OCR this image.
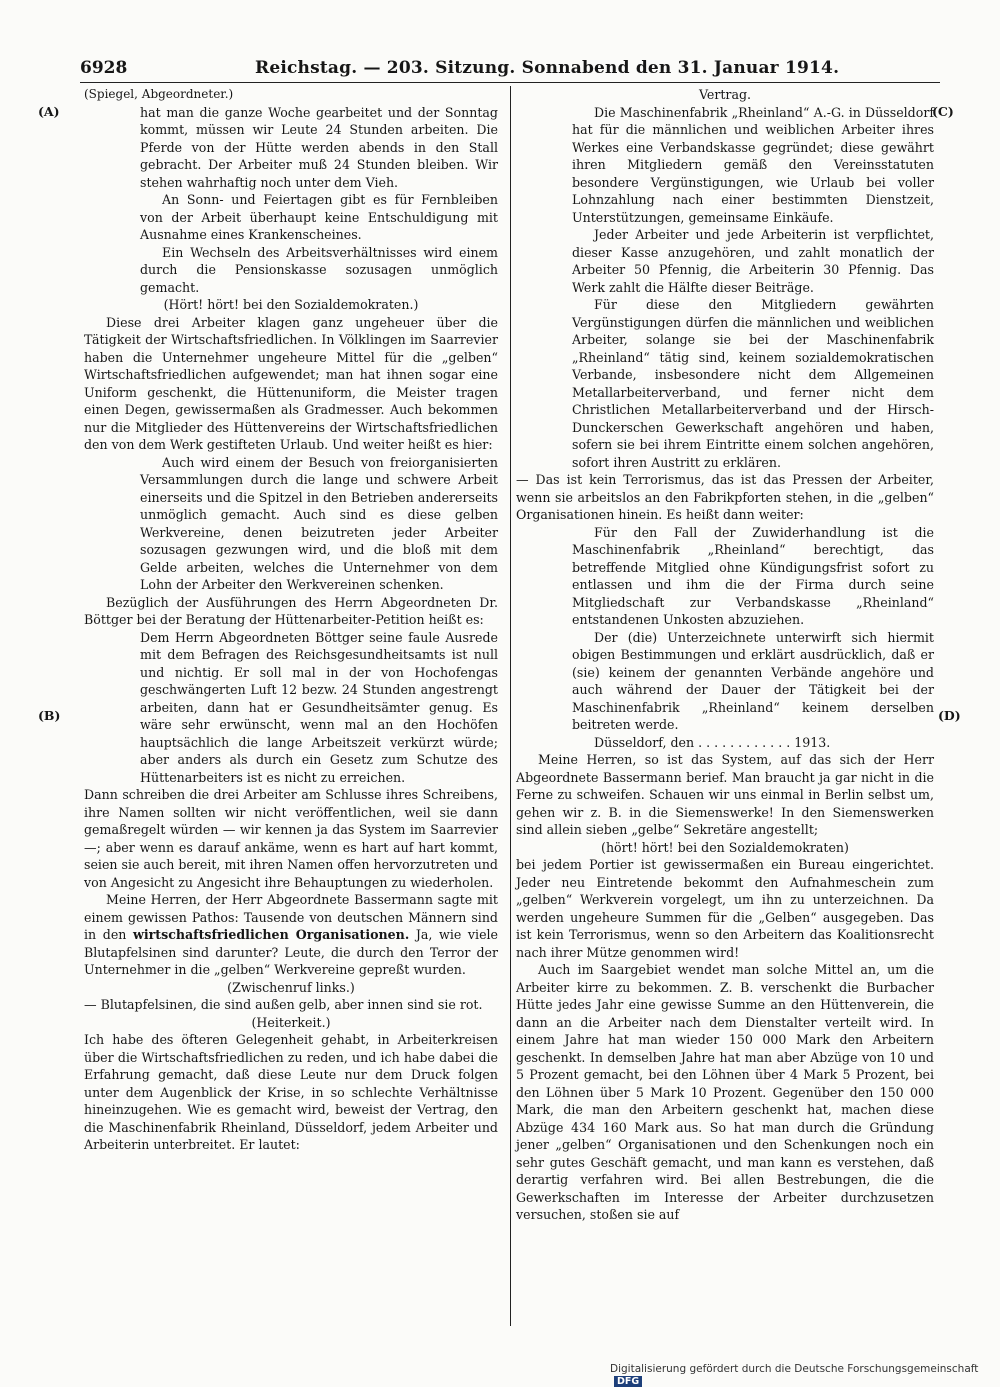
6928	Reichstag. — 203. Sitzung. Sonnabend den 31. Januar 1914.
(A)
(B)
(C)
(D)

(Spiegel, Abgeordneter.)

hat man die ganze Woche gearbeitet und der Sonntag kommt, müssen wir Leute 24 Stunden arbeiten. Die Pferde von der Hütte werden abends in den Stall gebracht. Der Arbeiter muß 24 Stunden bleiben. Wir stehen wahrhaftig noch unter dem Vieh.

An Sonn- und Feiertagen gibt es für Fernbleiben von der Arbeit überhaupt keine Entschuldigung mit Ausnahme eines Krankenscheines.

Ein Wechseln des Arbeitsverhältnisses wird einem durch die Pensionskasse sozusagen unmöglich gemacht.

(Hört! hört! bei den Sozialdemokraten.)

Diese drei Arbeiter klagen ganz ungeheuer über die Tätigkeit der Wirtschaftsfriedlichen. In Völklingen im Saarrevier haben die Unternehmer ungeheure Mittel für die „gelben“ Wirtschaftsfriedlichen aufgewendet; man hat ihnen sogar eine Uniform geschenkt, die Hüttenuniform, die Meister tragen einen Degen, gewissermaßen als Gradmesser. Auch bekommen nur die Mitglieder des Hüttenvereins der Wirtschaftsfriedlichen den von dem Werk gestifteten Urlaub. Und weiter heißt es hier:

Auch wird einem der Besuch von freiorganisierten Versammlungen durch die lange und schwere Arbeit einerseits und die Spitzel in den Betrieben andererseits unmöglich gemacht. Auch sind es diese gelben Werkvereine, denen beizutreten jeder Arbeiter sozusagen gezwungen wird, und die bloß mit dem Gelde arbeiten, welches die Unternehmer von dem Lohn der Arbeiter den Werkvereinen schenken.

Bezüglich der Ausführungen des Herrn Abgeordneten Dr. Böttger bei der Beratung der Hüttenarbeiter-Petition heißt es:

Dem Herrn Abgeordneten Böttger seine faule Ausrede mit dem Befragen des Reichsgesundheitsamts ist null und nichtig. Er soll mal in der von Hochofengas geschwängerten Luft 12 bezw. 24 Stunden angestrengt arbeiten, dann hat er Gesundheitsämter genug. Es wäre sehr erwünscht, wenn mal an den Hochöfen hauptsächlich die lange Arbeitszeit verkürzt würde; aber anders als durch ein Gesetz zum Schutze des Hüttenarbeiters ist es nicht zu erreichen.

Dann schreiben die drei Arbeiter am Schlusse ihres Schreibens, ihre Namen sollten wir nicht veröffentlichen, weil sie dann gemaßregelt würden — wir kennen ja das System im Saarrevier —; aber wenn es darauf ankäme, wenn es hart auf hart kommt, seien sie auch bereit, mit ihren Namen offen hervorzutreten und von Angesicht zu Angesicht ihre Behauptungen zu wiederholen.

Meine Herren, der Herr Abgeordnete Bassermann sagte mit einem gewissen Pathos: Tausende von deutschen Männern sind in den wirtschaftsfriedlichen Organisationen. Ja, wie viele Blutapfelsinen sind darunter? Leute, die durch den Terror der Unternehmer in die „gelben“ Werkvereine gepreßt wurden.

(Zwischenruf links.)

— Blutapfelsinen, die sind außen gelb, aber innen sind sie rot.

(Heiterkeit.)

Ich habe des öfteren Gelegenheit gehabt, in Arbeiterkreisen über die Wirtschaftsfriedlichen zu reden, und ich habe dabei die Erfahrung gemacht, daß diese Leute nur dem Druck folgen unter dem Augenblick der Krise, in so schlechte Verhältnisse hineinzugehen. Wie es gemacht wird, beweist der Vertrag, den die Maschinenfabrik Rheinland, Düsseldorf, jedem Arbeiter und Arbeiterin unterbreitet. Er lautet:

Vertrag.

Die Maschinenfabrik „Rheinland“ A.-G. in Düsseldorf hat für die männlichen und weiblichen Arbeiter ihres Werkes eine Verbandskasse gegründet; diese gewährt ihren Mitgliedern gemäß den Vereinsstatuten besondere Vergünstigungen, wie Urlaub bei voller Lohnzahlung nach einer bestimmten Dienstzeit, Unterstützungen, gemeinsame Einkäufe.

Jeder Arbeiter und jede Arbeiterin ist verpflichtet, dieser Kasse anzugehören, und zahlt monatlich der Arbeiter 50 Pfennig, die Arbeiterin 30 Pfennig. Das Werk zahlt die Hälfte dieser Beiträge.

Für diese den Mitgliedern gewährten Vergünstigungen dürfen die männlichen und weiblichen Arbeiter, solange sie bei der Maschinenfabrik „Rheinland“ tätig sind, keinem sozialdemokratischen Verbande, insbesondere nicht dem Allgemeinen Metallarbeiterverband, und ferner nicht dem Christlichen Metallarbeiterverband und der Hirsch-Dunckerschen Gewerkschaft angehören und haben, sofern sie bei ihrem Eintritte einem solchen angehören, sofort ihren Austritt zu erklären.

— Das ist kein Terrorismus, das ist das Pressen der Arbeiter, wenn sie arbeitslos an den Fabrikpforten stehen, in die „gelben“ Organisationen hinein. Es heißt dann weiter:

Für den Fall der Zuwiderhandlung ist die Maschinenfabrik „Rheinland“ berechtigt, das betreffende Mitglied ohne Kündigungsfrist sofort zu entlassen und ihm die der Firma durch seine Mitgliedschaft zur Verbandskasse „Rheinland“ entstandenen Unkosten abzuziehen.

Der (die) Unterzeichnete unterwirft sich hiermit obigen Bestimmungen und erklärt ausdrücklich, daß er (sie) keinem der genannten Verbände angehöre und auch während der Dauer der Tätigkeit bei der Maschinenfabrik „Rheinland“ keinem derselben beitreten werde.

Düsseldorf, den . . . . . . . . . . . . 1913.

Meine Herren, so ist das System, auf das sich der Herr Abgeordnete Bassermann berief. Man braucht ja gar nicht in die Ferne zu schweifen. Schauen wir uns einmal in Berlin selbst um, gehen wir z. B. in die Siemenswerke! In den Siemenswerken sind allein sieben „gelbe“ Sekretäre angestellt;

(hört! hört! bei den Sozialdemokraten)

bei jedem Portier ist gewissermaßen ein Bureau eingerichtet. Jeder neu Eintretende bekommt den Aufnahmeschein zum „gelben“ Werkverein vorgelegt, um ihn zu unterzeichnen. Da werden ungeheure Summen für die „Gelben“ ausgegeben. Das ist kein Terrorismus, wenn so den Arbeitern das Koalitionsrecht nach ihrer Mütze genommen wird!

Auch im Saargebiet wendet man solche Mittel an, um die Arbeiter kirre zu bekommen. Z. B. verschenkt die Burbacher Hütte jedes Jahr eine gewisse Summe an den Hüttenverein, die dann an die Arbeiter nach dem Dienstalter verteilt wird. In einem Jahre hat man wieder 150 000 Mark den Arbeitern geschenkt. In demselben Jahre hat man aber Abzüge von 10 und 5 Prozent gemacht, bei den Löhnen über 4 Mark 5 Prozent, bei den Löhnen über 5 Mark 10 Prozent. Gegenüber den 150 000 Mark, die man den Arbeitern geschenkt hat, machen diese Abzüge 434 160 Mark aus. So hat man durch die Gründung jener „gelben“ Organisationen und den Schenkungen noch ein sehr gutes Geschäft gemacht, und man kann es verstehen, daß derartig verfahren wird. Bei allen Bestrebungen, die die Gewerkschaften im Interesse der Arbeiter durchzusetzen versuchen, stoßen sie auf

Digitalisierung gefördert durch die Deutsche Forschungsgemeinschaft DFG
